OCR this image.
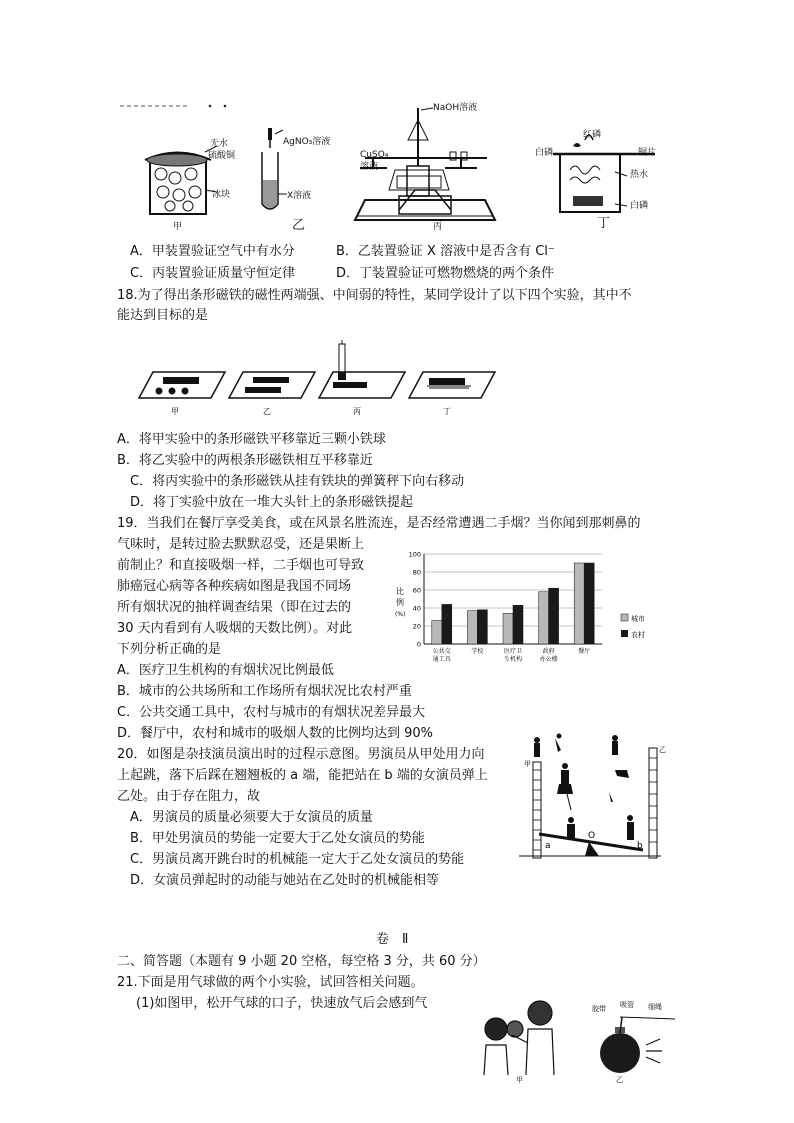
无水
硫酸铜
冰块
甲
AgNO₃溶液
X溶液
乙
NaOH溶液
CuSO₄
溶液
丙
红磷
白磷	铜片
热水
白磷
丁
A．甲装置验证空气中有水分	B．乙装置验证 X 溶液中是否含有 Cl⁻
C．丙装置验证质量守恒定律	D．丁装置验证可燃物燃烧的两个条件
18.为了得出条形磁铁的磁性两端强、中间弱的特性，某同学设计了以下四个实验，其中不
能达到目标的是
甲	乙	丙	丁
A．将甲实验中的条形磁铁平移靠近三颗小铁球
B．将乙实验中的两根条形磁铁相互平移靠近
C．将丙实验中的条形磁铁从挂有铁块的弹簧秤下向右移动
D．将丁实验中放在一堆大头针上的条形磁铁提起
19．当我们在餐厅享受美食，或在风景名胜流连，是否经常遭遇二手烟？当你闻到那刺鼻的
气味时，是转过脸去默默忍受，还是果断上
前制止？和直接吸烟一样，二手烟也可导致
肺癌冠心病等各种疾病如图是我国不同场
所有烟状况的抽样调查结果（即在过去的
30 天内看到有人吸烟的天数比例）。对此
下列分析正确的是
比
例
(%)
0
20
40
60
80
100
公共交
通工具
学校	医疗卫
生机构
政府
办公楼
餐厅
城市
农村
A．医疗卫生机构的有烟状况比例最低
B．城市的公共场所和工作场所有烟状况比农村严重
C．公共交通工具中，农村与城市的有烟状况差异最大
D．餐厅中，农村和城市的吸烟人数的比例均达到 90%
20．如图是杂技演员演出时的过程示意图。男演员从甲处用力向
上起跳，落下后踩在翘翘板的 a 端，能把站在 b 端的女演员弹上
乙处。由于存在阻力，故
A．男演员的质量必须要大于女演员的质量
B．甲处男演员的势能一定要大于乙处女演员的势能
C．男演员离开跳台时的机械能一定大于乙处女演员的势能
D．女演员弹起时的动能与她站在乙处时的机械能相等
甲
乙
a
O
b
卷　Ⅱ
二、简答题（本题有 9 小题 20 空格，每空格 3 分，共 60 分）
21.下面是用气球做的两个小实验，试回答相关问题。
(1)如图甲，松开气球的口子，快速放气后会感到气	胶带 吸管 细绳
甲	乙
